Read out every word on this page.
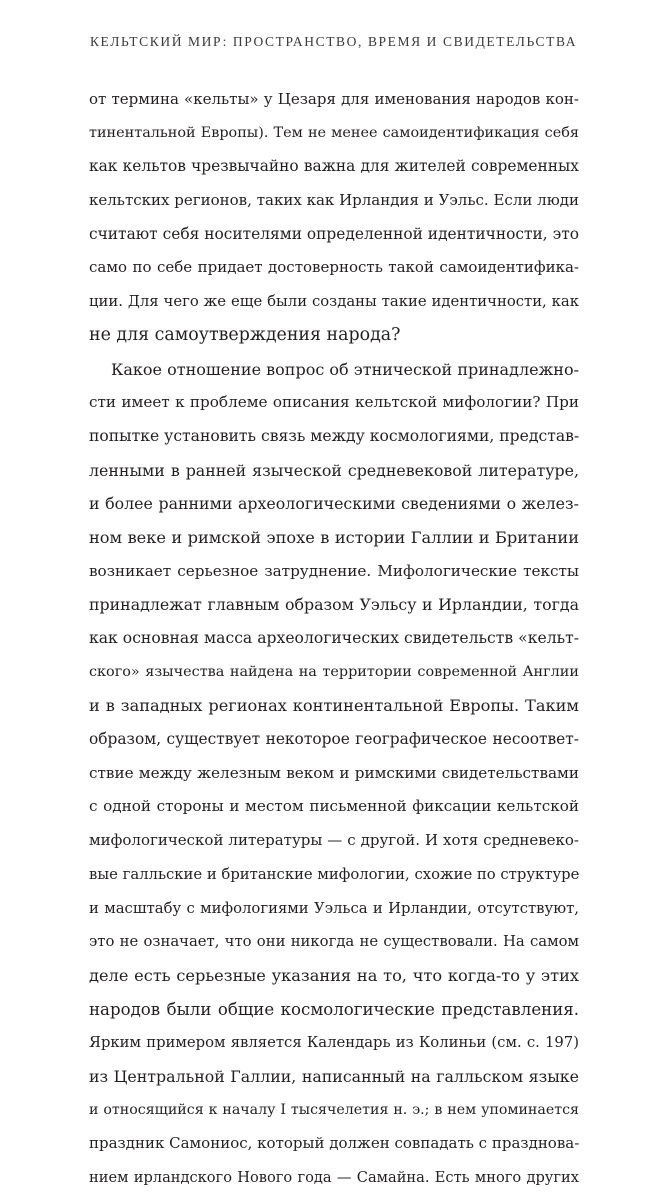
КЕЛЬТСКИЙ МИР: ПРОСТРАНСТВО, ВРЕМЯ И СВИДЕТЕЛЬСТВА
от термина «кельты» у Цезаря для именования народов кон-
тинентальной Европы). Тем не менее самоидентификация себя
как кельтов чрезвычайно важна для жителей современных
кельтских регионов, таких как Ирландия и Уэльс. Если люди
считают себя носителями определенной идентичности, это
само по себе придает достоверность такой самоидентифика-
ции. Для чего же еще были созданы такие идентичности, как
не для самоутверждения народа?
Какое отношение вопрос об этнической принадлежно-
сти имеет к проблеме описания кельтской мифологии? При
попытке установить связь между космологиями, представ-
ленными в ранней языческой средневековой литературе,
и более ранними археологическими сведениями о желез-
ном веке и римской эпохе в истории Галлии и Британии
возникает серьезное затруднение. Мифологические тексты
принадлежат главным образом Уэльсу и Ирландии, тогда
как основная масса археологических свидетельств «кельт-
ского» язычества найдена на территории современной Англии
и в западных регионах континентальной Европы. Таким
образом, существует некоторое географическое несоответ-
ствие между железным веком и римскими свидетельствами
с одной стороны и местом письменной фиксации кельтской
мифологической литературы — с другой. И хотя средневеко-
вые галльские и британские мифологии, схожие по структуре
и масштабу с мифологиями Уэльса и Ирландии, отсутствуют,
это не означает, что они никогда не существовали. На самом
деле есть серьезные указания на то, что когда-то у этих
народов были общие космологические представления.
Ярким примером является Календарь из Колиньи (см. с. 197)
из Центральной Галлии, написанный на галльском языке
и относящийся к началу I тысячелетия н. э.; в нем упоминается
праздник Самониос, который должен совпадать с празднова-
нием ирландского Нового года — Самайна. Есть много других
